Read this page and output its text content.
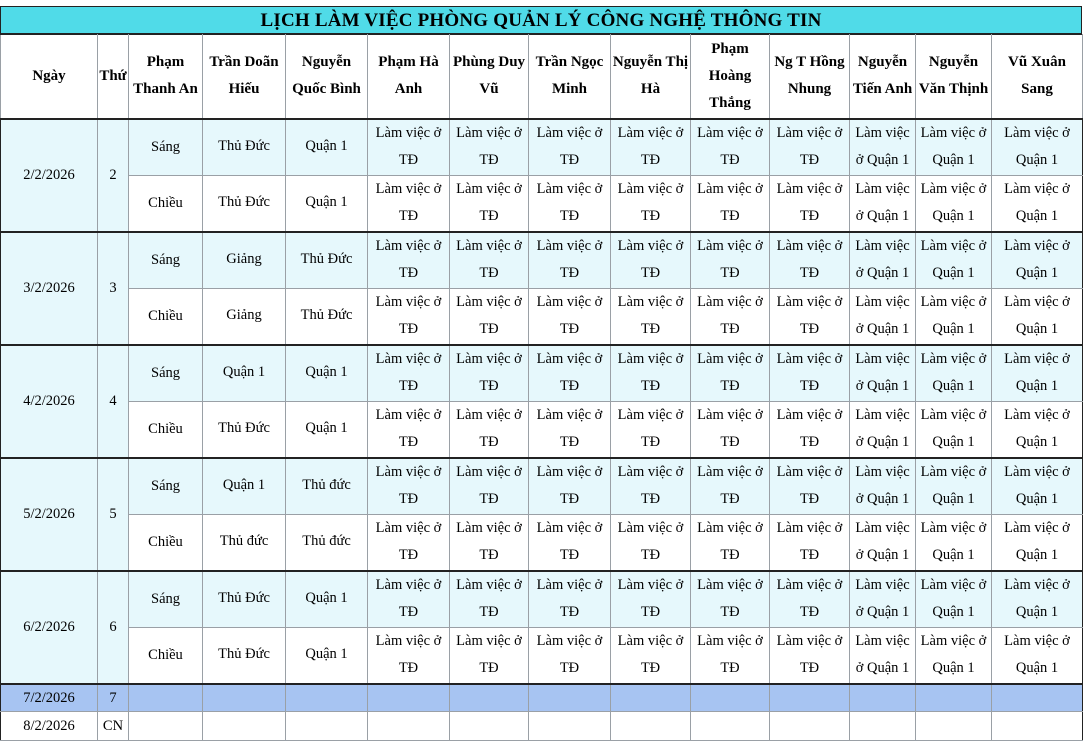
LỊCH LÀM VIỆC PHÒNG QUẢN LÝ CÔNG NGHỆ THÔNG TIN
Ngày	Thứ	Phạm Thanh An	Trần Doãn Hiếu	Nguyễn Quốc Bình	Phạm Hà Anh	Phùng Duy Vũ	Trần Ngọc Minh	Nguyễn Thị Hà	Phạm Hoàng Thắng	Ng T Hồng Nhung	Nguyễn Tiến Anh	Nguyễn Văn Thịnh	Vũ Xuân Sang
2/2/2026	2	Sáng	Thủ Đức	Quận 1	Làm việc ở TĐ	Làm việc ở TĐ	Làm việc ở TĐ	Làm việc ở TĐ	Làm việc ở TĐ	Làm việc ở TĐ	Làm việc ở Quận 1	Làm việc ở Quận 1	Làm việc ở Quận 1
		Chiều	Thủ Đức	Quận 1	Làm việc ở TĐ	Làm việc ở TĐ	Làm việc ở TĐ	Làm việc ở TĐ	Làm việc ở TĐ	Làm việc ở TĐ	Làm việc ở Quận 1	Làm việc ở Quận 1	Làm việc ở Quận 1
3/2/2026	3	Sáng	Giảng	Thủ Đức	Làm việc ở TĐ	Làm việc ở TĐ	Làm việc ở TĐ	Làm việc ở TĐ	Làm việc ở TĐ	Làm việc ở TĐ	Làm việc ở Quận 1	Làm việc ở Quận 1	Làm việc ở Quận 1
		Chiều	Giảng	Thủ Đức	Làm việc ở TĐ	Làm việc ở TĐ	Làm việc ở TĐ	Làm việc ở TĐ	Làm việc ở TĐ	Làm việc ở TĐ	Làm việc ở Quận 1	Làm việc ở Quận 1	Làm việc ở Quận 1
4/2/2026	4	Sáng	Quận 1	Quận 1	Làm việc ở TĐ	Làm việc ở TĐ	Làm việc ở TĐ	Làm việc ở TĐ	Làm việc ở TĐ	Làm việc ở TĐ	Làm việc ở Quận 1	Làm việc ở Quận 1	Làm việc ở Quận 1
		Chiều	Thủ Đức	Quận 1	Làm việc ở TĐ	Làm việc ở TĐ	Làm việc ở TĐ	Làm việc ở TĐ	Làm việc ở TĐ	Làm việc ở TĐ	Làm việc ở Quận 1	Làm việc ở Quận 1	Làm việc ở Quận 1
5/2/2026	5	Sáng	Quận 1	Thủ đức	Làm việc ở TĐ	Làm việc ở TĐ	Làm việc ở TĐ	Làm việc ở TĐ	Làm việc ở TĐ	Làm việc ở TĐ	Làm việc ở Quận 1	Làm việc ở Quận 1	Làm việc ở Quận 1
		Chiều	Thủ đức	Thủ đức	Làm việc ở TĐ	Làm việc ở TĐ	Làm việc ở TĐ	Làm việc ở TĐ	Làm việc ở TĐ	Làm việc ở TĐ	Làm việc ở Quận 1	Làm việc ở Quận 1	Làm việc ở Quận 1
6/2/2026	6	Sáng	Thủ Đức	Quận 1	Làm việc ở TĐ	Làm việc ở TĐ	Làm việc ở TĐ	Làm việc ở TĐ	Làm việc ở TĐ	Làm việc ở TĐ	Làm việc ở Quận 1	Làm việc ở Quận 1	Làm việc ở Quận 1
		Chiều	Thủ Đức	Quận 1	Làm việc ở TĐ	Làm việc ở TĐ	Làm việc ở TĐ	Làm việc ở TĐ	Làm việc ở TĐ	Làm việc ở TĐ	Làm việc ở Quận 1	Làm việc ở Quận 1	Làm việc ở Quận 1
7/2/2026	7												
8/2/2026	CN												
